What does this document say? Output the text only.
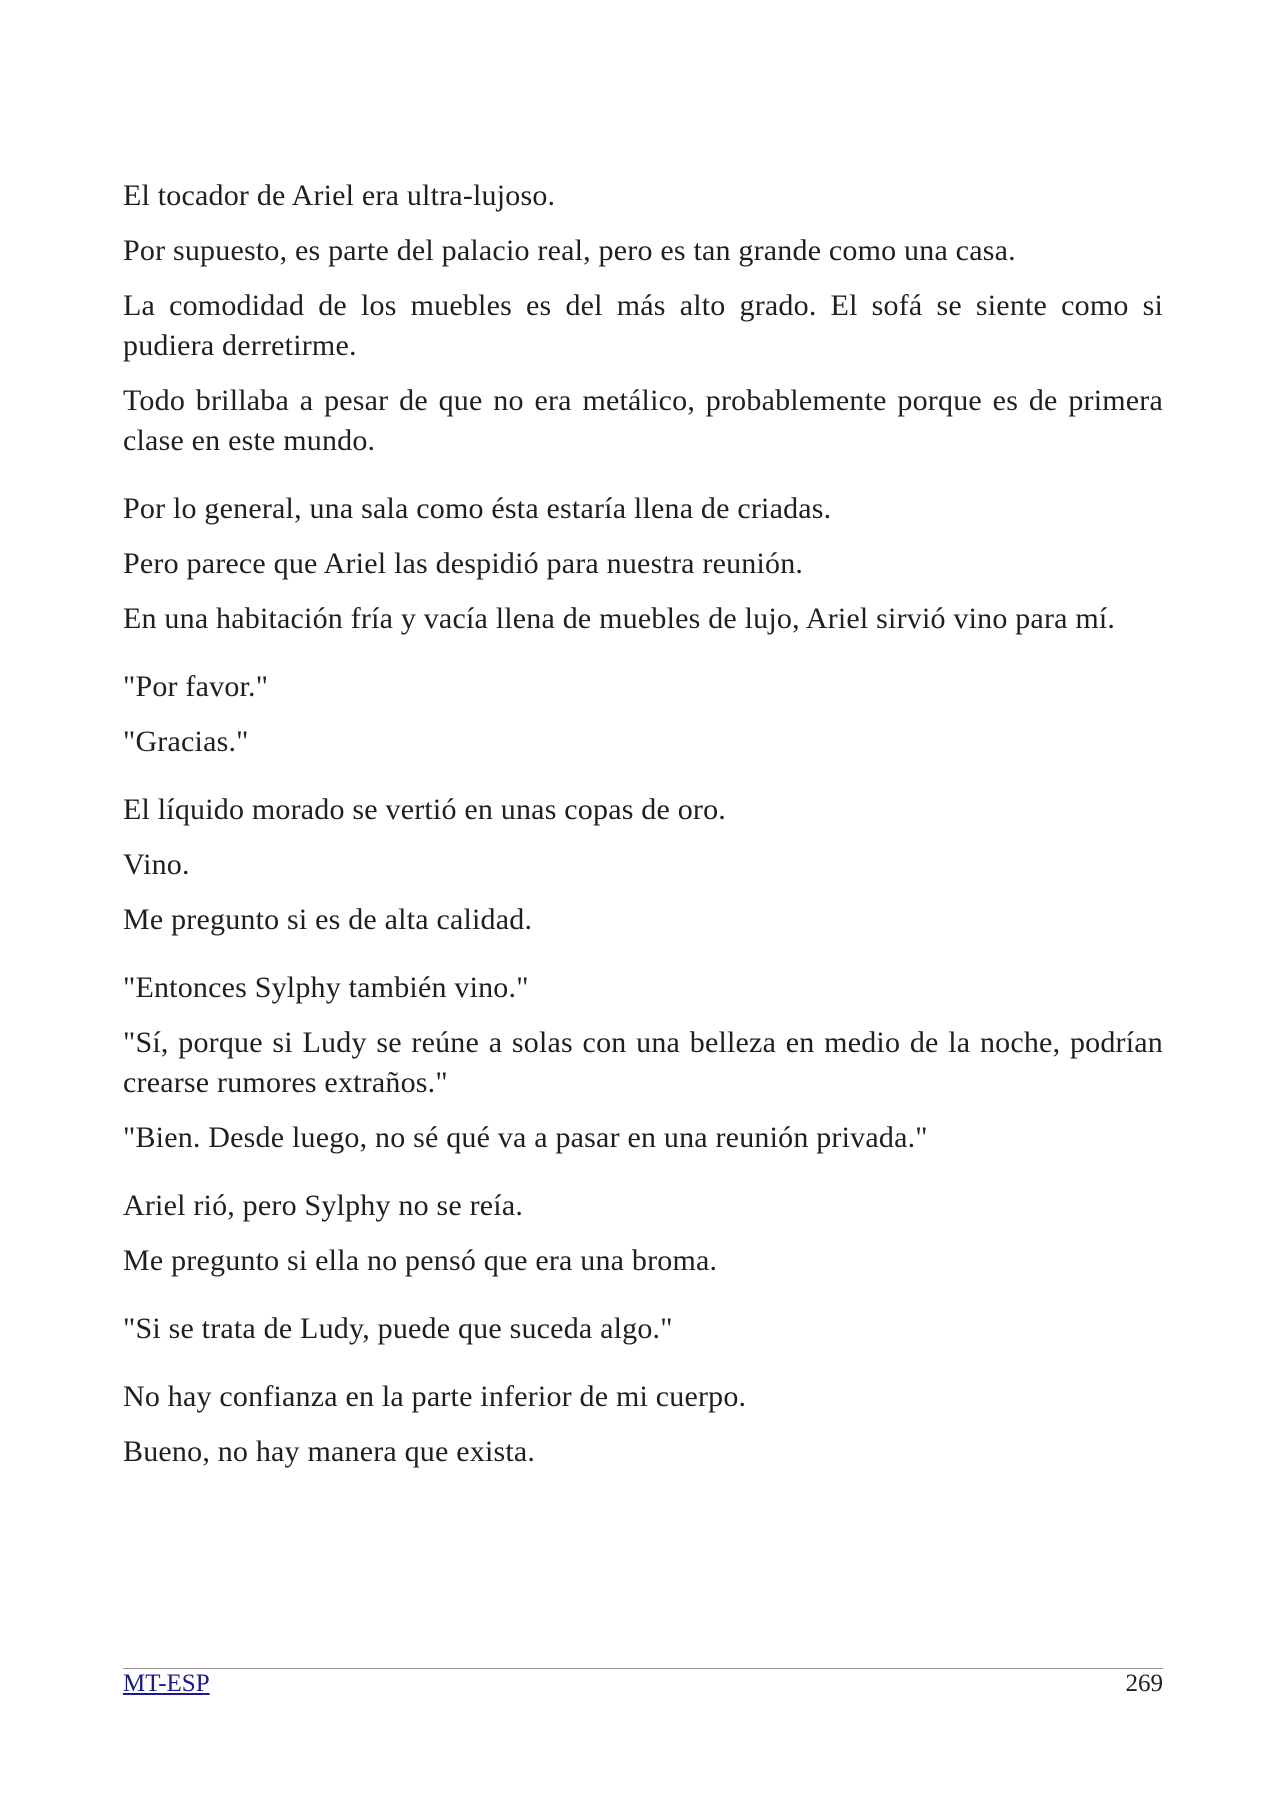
El tocador de Ariel era ultra-lujoso.

Por supuesto, es parte del palacio real, pero es tan grande como una casa.

La comodidad de los muebles es del más alto grado. El sofá se siente como si pudiera derretirme.

Todo brillaba a pesar de que no era metálico, probablemente porque es de primera clase en este mundo.

Por lo general, una sala como ésta estaría llena de criadas.

Pero parece que Ariel las despidió para nuestra reunión.

En una habitación fría y vacía llena de muebles de lujo, Ariel sirvió vino para mí.

"Por favor."

"Gracias."

El líquido morado se vertió en unas copas de oro.

Vino.

Me pregunto si es de alta calidad.

"Entonces Sylphy también vino."

"Sí, porque si Ludy se reúne a solas con una belleza en medio de la noche, podrían crearse rumores extraños."

"Bien. Desde luego, no sé qué va a pasar en una reunión privada."

Ariel rió, pero Sylphy no se reía.

Me pregunto si ella no pensó que era una broma.

"Si se trata de Ludy, puede que suceda algo."

No hay confianza en la parte inferior de mi cuerpo.

Bueno, no hay manera que exista.

MT-ESP	269
